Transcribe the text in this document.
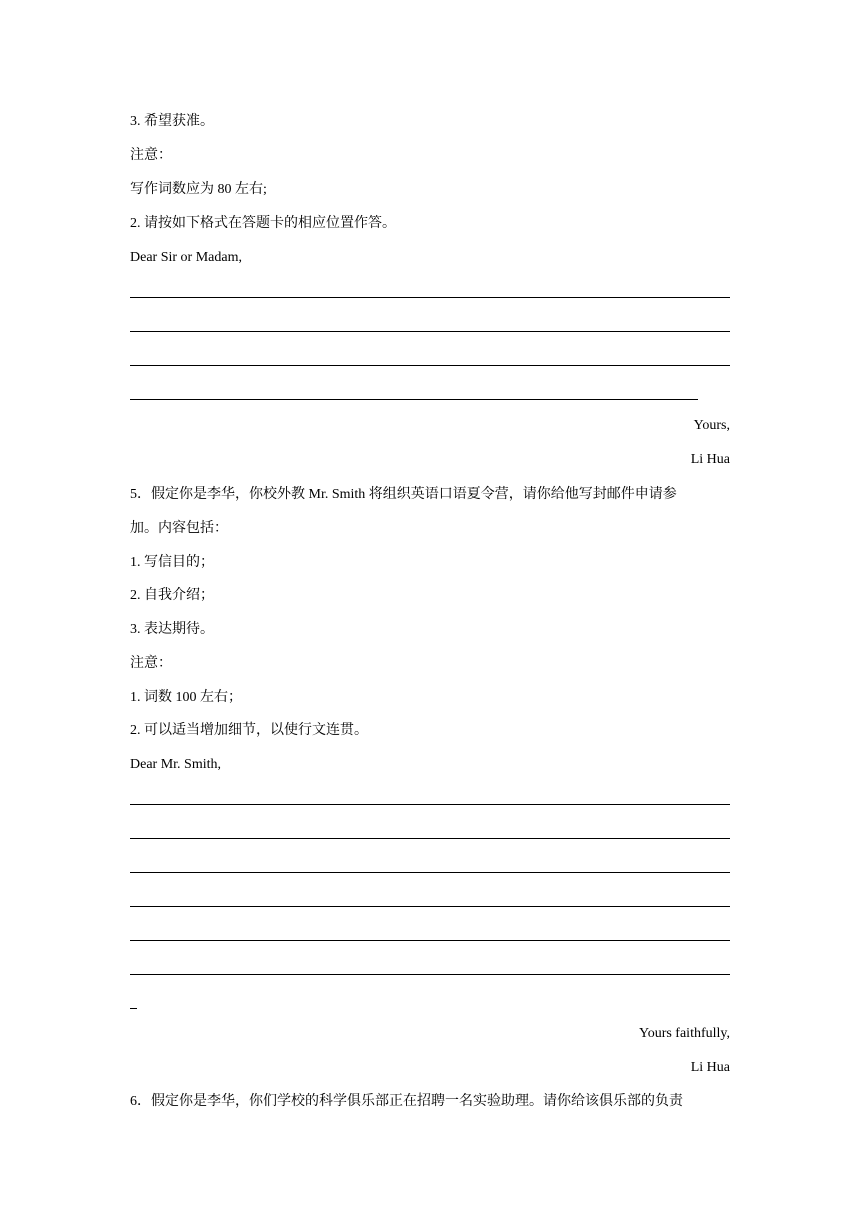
3. 希望获准。
注意：
写作词数应为 80 左右;
2. 请按如下格式在答题卡的相应位置作答。
Dear Sir or Madam,
Yours,
Li Hua
5．假定你是李华，你校外教 Mr. Smith 将组织英语口语夏令营，请你给他写封邮件申请参
加。内容包括：
1. 写信目的；
2. 自我介绍；
3. 表达期待。
注意：
1. 词数 100 左右；
2. 可以适当增加细节，以使行文连贯。
Dear Mr. Smith,
Yours faithfully,
Li Hua
6．假定你是李华，你们学校的科学俱乐部正在招聘一名实验助理。请你给该俱乐部的负责
